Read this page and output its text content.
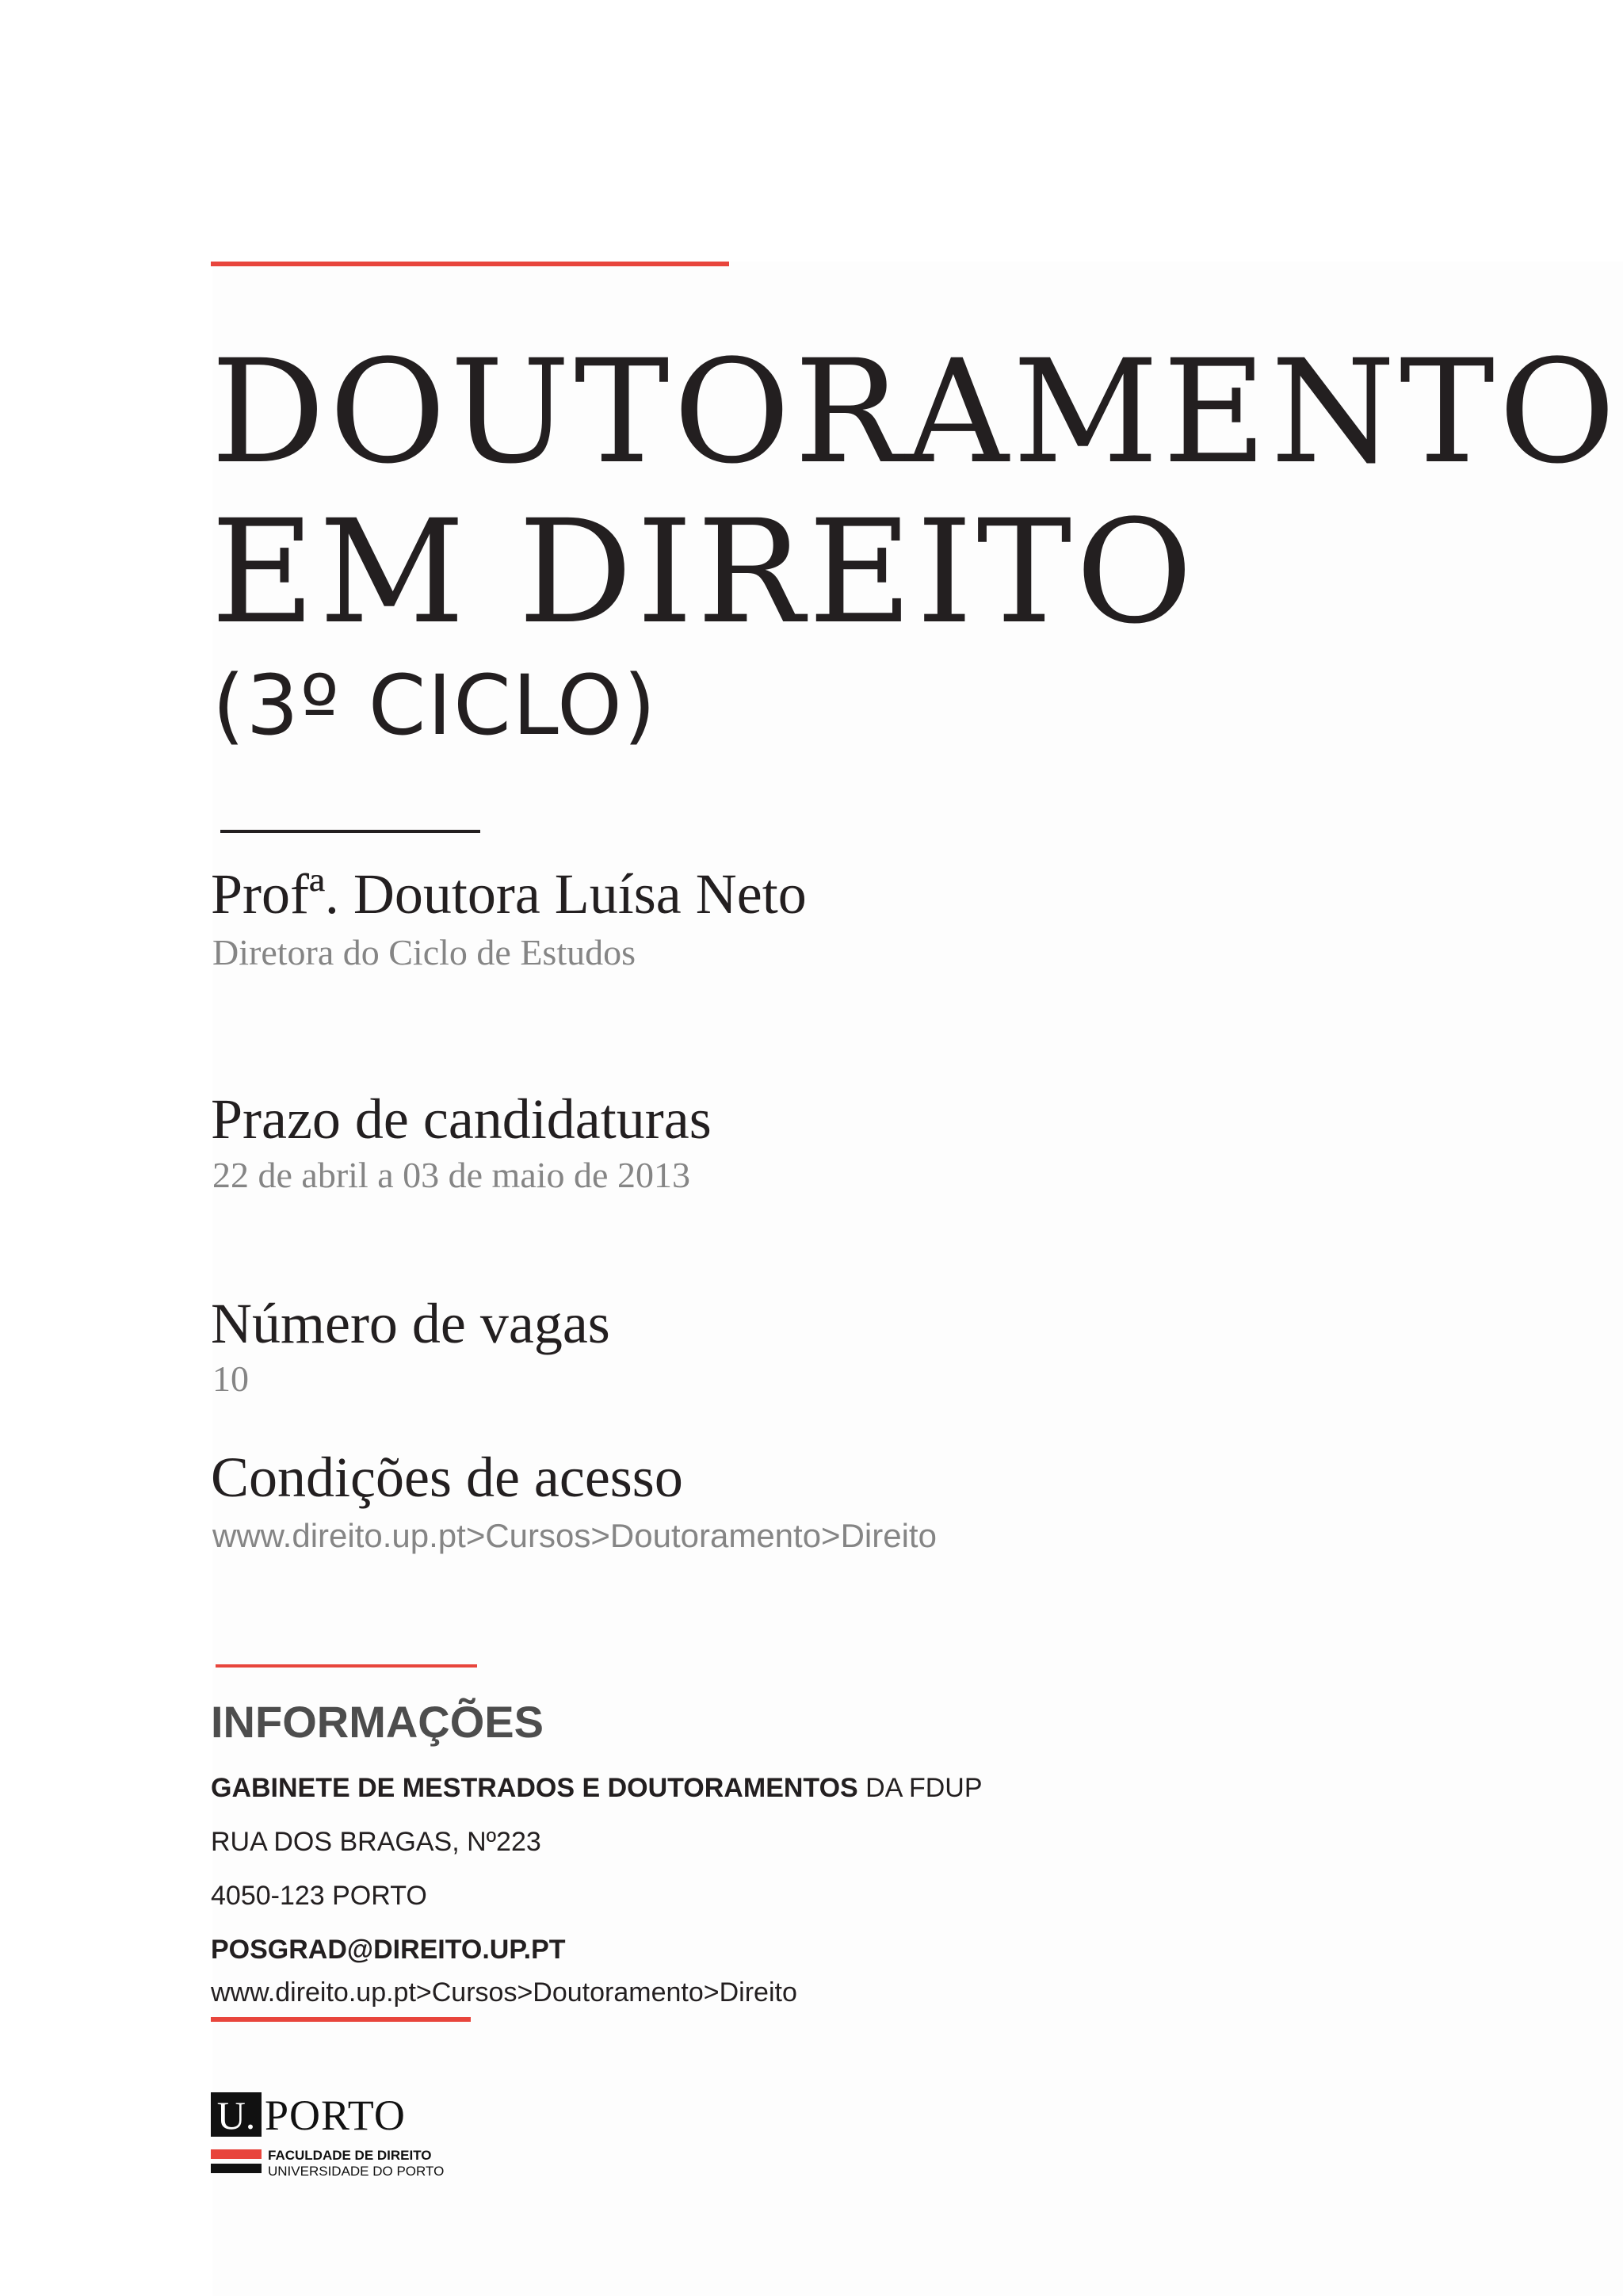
DOUTORAMENTO
EM DIREITO
(3º CICLO)
Profª. Doutora Luísa Neto
Diretora do Ciclo de Estudos
Prazo de candidaturas
22 de abril a 03 de maio de 2013
Número de vagas
10
Condições de acesso
www.direito.up.pt>Cursos>Doutoramento>Direito
INFORMAÇÕES
GABINETE DE MESTRADOS E DOUTORAMENTOS DA FDUP
RUA DOS BRAGAS, Nº223
4050-123 PORTO
POSGRAD@DIREITO.UP.PT
www.direito.up.pt>Cursos>Doutoramento>Direito
U. PORTO
FACULDADE DE DIREITO
UNIVERSIDADE DO PORTO
